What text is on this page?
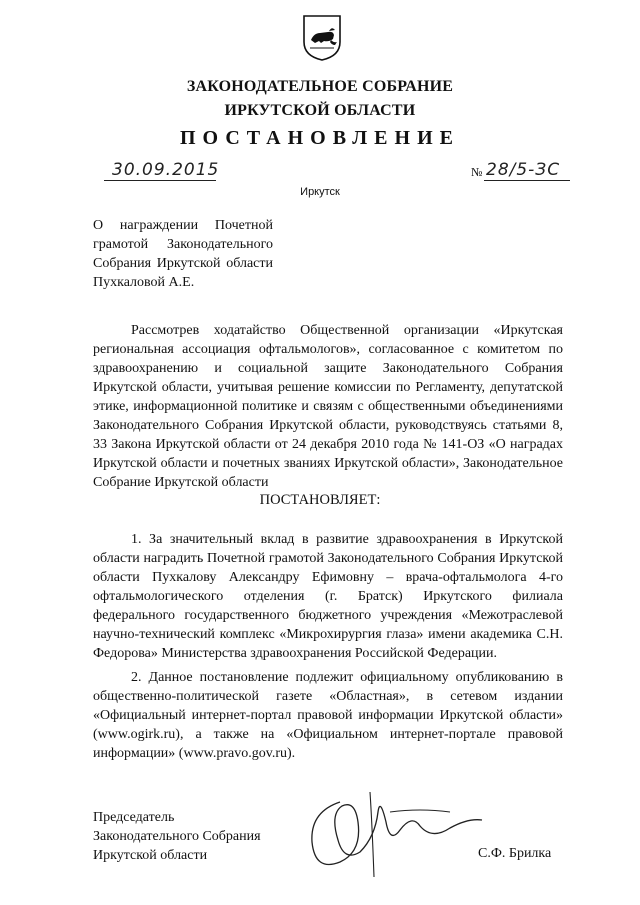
ЗАКОНОДАТЕЛЬНОЕ СОБРАНИЕ
ИРКУТСКОЙ ОБЛАСТИ
ПОСТАНОВЛЕНИЕ
30.09.2015	№ 28/5-ЗС
Иркутск
О награждении Почетной грамотой Законодательного Собрания Иркутской области Пухкаловой А.Е.

Рассмотрев ходатайство Общественной организации «Иркутская региональная ассоциация офтальмологов», согласованное с комитетом по здравоохранению и социальной защите Законодательного Собрания Иркутской области, учитывая решение комиссии по Регламенту, депутатской этике, информационной политике и связям с общественными объединениями Законодательного Собрания Иркутской области, руководствуясь статьями 8, 33 Закона Иркутской области от 24 декабря 2010 года № 141-ОЗ «О наградах Иркутской области и почетных званиях Иркутской области», Законодательное Собрание Иркутской области

ПОСТАНОВЛЯЕТ:

1. За значительный вклад в развитие здравоохранения в Иркутской области наградить Почетной грамотой Законодательного Собрания Иркутской области Пухкалову Александру Ефимовну – врача-офтальмолога 4-го офтальмологического отделения (г. Братск) Иркутского филиала федерального государственного бюджетного учреждения «Межотраслевой научно-технический комплекс «Микрохирургия глаза» имени академика С.Н. Федорова» Министерства здравоохранения Российской Федерации.

2. Данное постановление подлежит официальному опубликованию в общественно-политической газете «Областная», в сетевом издании «Официальный интернет-портал правовой информации Иркутской области» (www.ogirk.ru), а также на «Официальном интернет-портале правовой информации» (www.pravo.gov.ru).

Председатель
Законодательного Собрания
Иркутской области	С.Ф. Брилка
